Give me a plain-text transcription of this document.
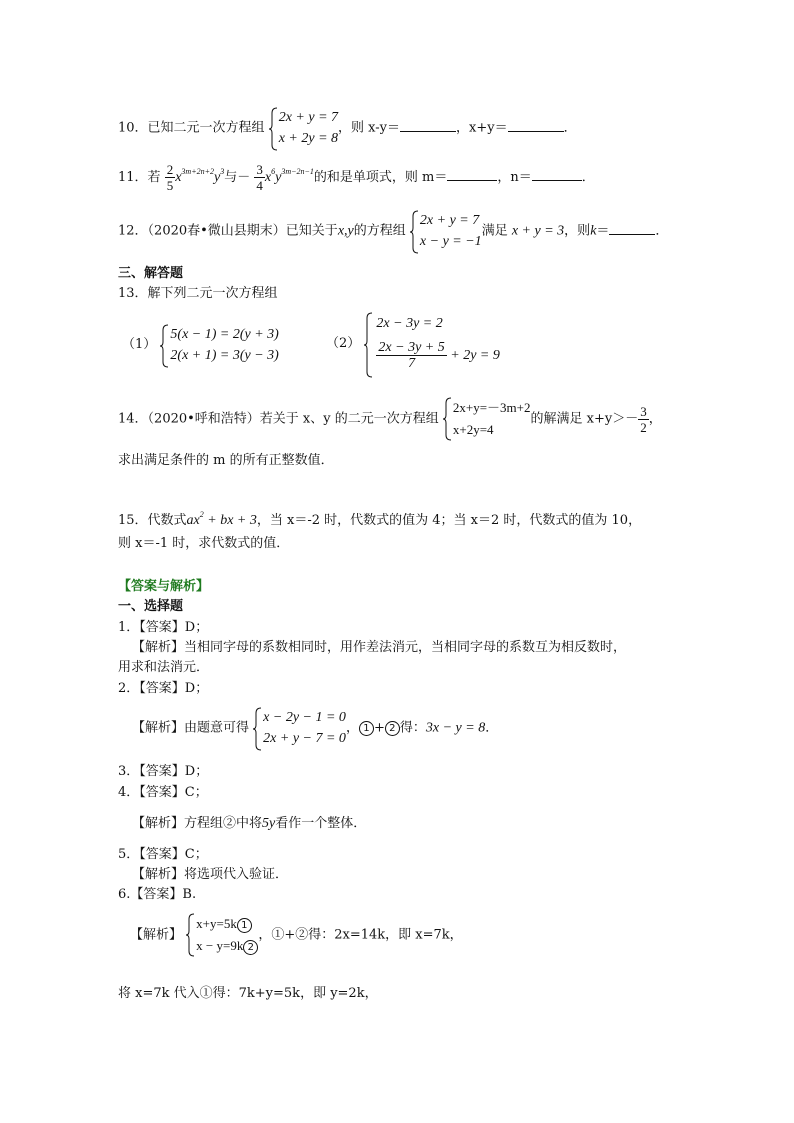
10．已知二元一次方程组
2x + y = 7
x + 2y = 8
，则 x-y＝	，x+y＝	．
11．若 $\frac{2}{5} x^{3m+2n+2}y^3$与－ $\frac{3}{4} x^6y^{3m-2n-1}$的和是单项式，则 m＝	，n＝	．
12．（2020春•微山县期末）已知关于x,y的方程组
2x + y = 7
x − y = −1
满足 x + y = 3，则k＝	．
三、解答题
13．解下列二元一次方程组
（1）
5(x − 1) = 2(y + 3)
2(x + 1) = 3(y − 3)
（2）
2x − 3y = 2
$\frac{2x - 3y + 5}{7} + 2y = 9$
14．（2020•呼和浩特）若关于 x、y 的二元一次方程组
2x+y=－3m+2
x+2y=4
的解满足 $x+y>- \frac{3}{2}$ ，
求出满足条件的 m 的所有正整数值．
15．代数式$ax^2$ + bx + 3，当 x＝-2 时，代数式的值为 4；当 x＝2 时，代数式的值为 10，
则 x＝-1 时，求代数式的值．
【答案与解析】
一、选择题
1．【答案】D；
【解析】当相同字母的系数相同时，用作差法消元，当相同字母的系数互为相反数时，
用求和法消元．
2．【答案】D；
【解析】由题意可得
x − 2y − 1 = 0
2x + y − 7 = 0
， 1 + 2 得：3x − y = 8．
3．【答案】D；
4．【答案】C；
【解析】方程组②中将5y看作一个整体．
5．【答案】C；
【解析】将选项代入验证．
6.【答案】B.
【解析】
x+y=5k 1
x − y=9k 2
，①+②得：2x=14k，即 x=7k，
将 x=7k 代入①得：7k+y=5k，即 y=2k，
